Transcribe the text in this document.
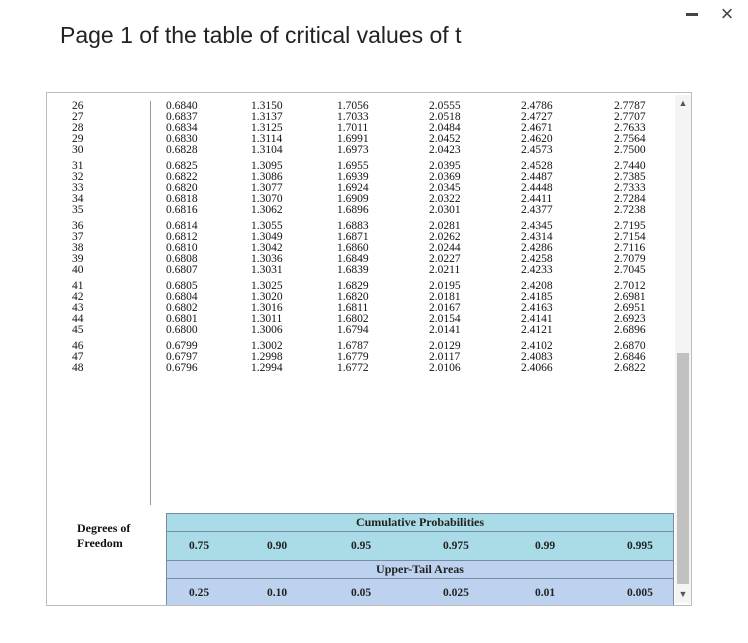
×
Page 1 of the table of critical values of t
26	0.6840	1.3150	1.7056	2.0555	2.4786	2.7787
27	0.6837	1.3137	1.7033	2.0518	2.4727	2.7707
28	0.6834	1.3125	1.7011	2.0484	2.4671	2.7633
29	0.6830	1.3114	1.6991	2.0452	2.4620	2.7564
30	0.6828	1.3104	1.6973	2.0423	2.4573	2.7500
31	0.6825	1.3095	1.6955	2.0395	2.4528	2.7440
32	0.6822	1.3086	1.6939	2.0369	2.4487	2.7385
33	0.6820	1.3077	1.6924	2.0345	2.4448	2.7333
34	0.6818	1.3070	1.6909	2.0322	2.4411	2.7284
35	0.6816	1.3062	1.6896	2.0301	2.4377	2.7238
36	0.6814	1.3055	1.6883	2.0281	2.4345	2.7195
37	0.6812	1.3049	1.6871	2.0262	2.4314	2.7154
38	0.6810	1.3042	1.6860	2.0244	2.4286	2.7116
39	0.6808	1.3036	1.6849	2.0227	2.4258	2.7079
40	0.6807	1.3031	1.6839	2.0211	2.4233	2.7045
41	0.6805	1.3025	1.6829	2.0195	2.4208	2.7012
42	0.6804	1.3020	1.6820	2.0181	2.4185	2.6981
43	0.6802	1.3016	1.6811	2.0167	2.4163	2.6951
44	0.6801	1.3011	1.6802	2.0154	2.4141	2.6923
45	0.6800	1.3006	1.6794	2.0141	2.4121	2.6896
46	0.6799	1.3002	1.6787	2.0129	2.4102	2.6870
47	0.6797	1.2998	1.6779	2.0117	2.4083	2.6846
48	0.6796	1.2994	1.6772	2.0106	2.4066	2.6822
Degrees of
Freedom
Cumulative Probabilities
0.75	0.90	0.95	0.975	0.99	0.995
Upper-Tail Areas
0.25	0.10	0.05	0.025	0.01	0.005
▲
▼
